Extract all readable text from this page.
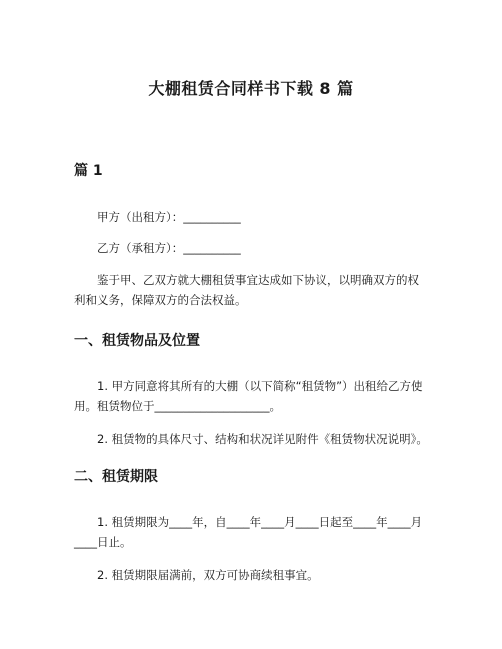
大棚租赁合同样书下载 8 篇
篇 1
甲方（出租方）：__________
乙方（承租方）：__________
鉴于甲、乙双方就大棚租赁事宜达成如下协议，以明确双方的权利和义务，保障双方的合法权益。
一、租赁物品及位置
1. 甲方同意将其所有的大棚（以下简称“租赁物”）出租给乙方使用。租赁物位于____________________。
2. 租赁物的具体尺寸、结构和状况详见附件《租赁物状况说明》。
二、租赁期限
1. 租赁期限为____年，自____年____月____日起至____年____月____日止。
2. 租赁期限届满前，双方可协商续租事宜。
